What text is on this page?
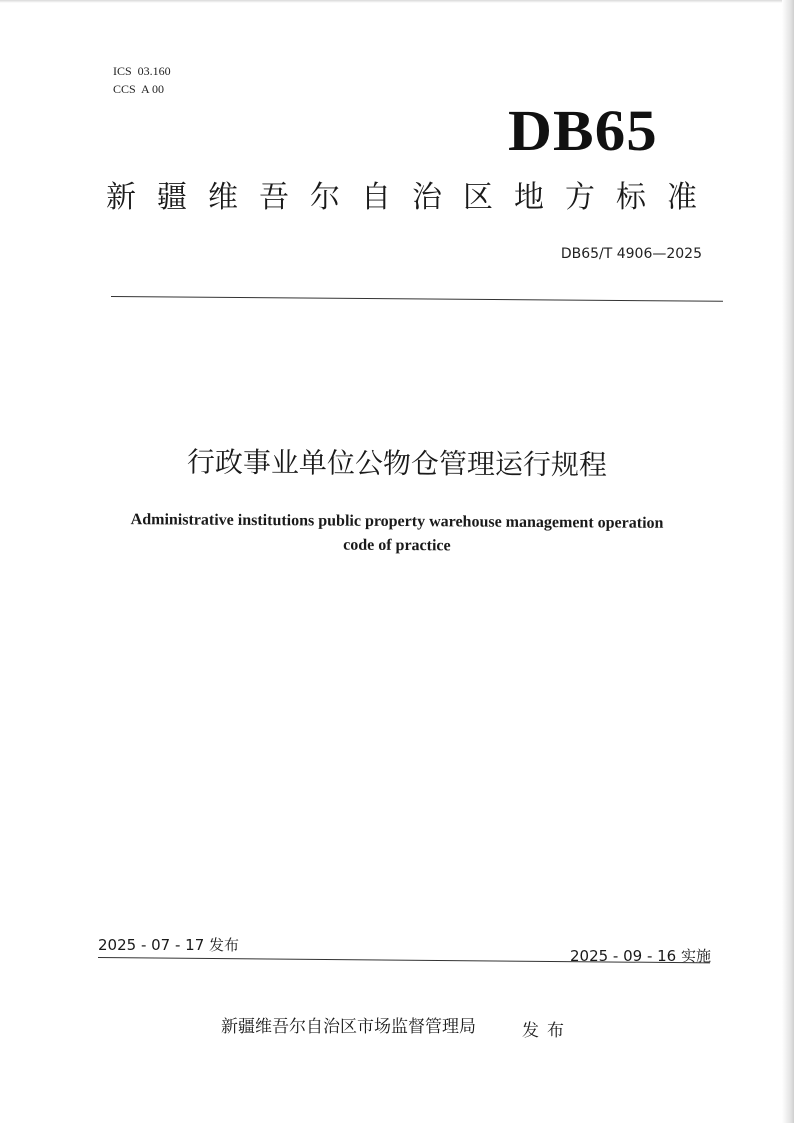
ICS  03.160
CCS  A 00
DB65
新疆维吾尔自治区地方标准
DB65/T 4906—2025
行政事业单位公物仓管理运行规程
Administrative institutions public property warehouse management operation
code of practice
2025 - 07 - 17 发布
2025 - 09 - 16 实施
新疆维吾尔自治区市场监督管理局	发布
